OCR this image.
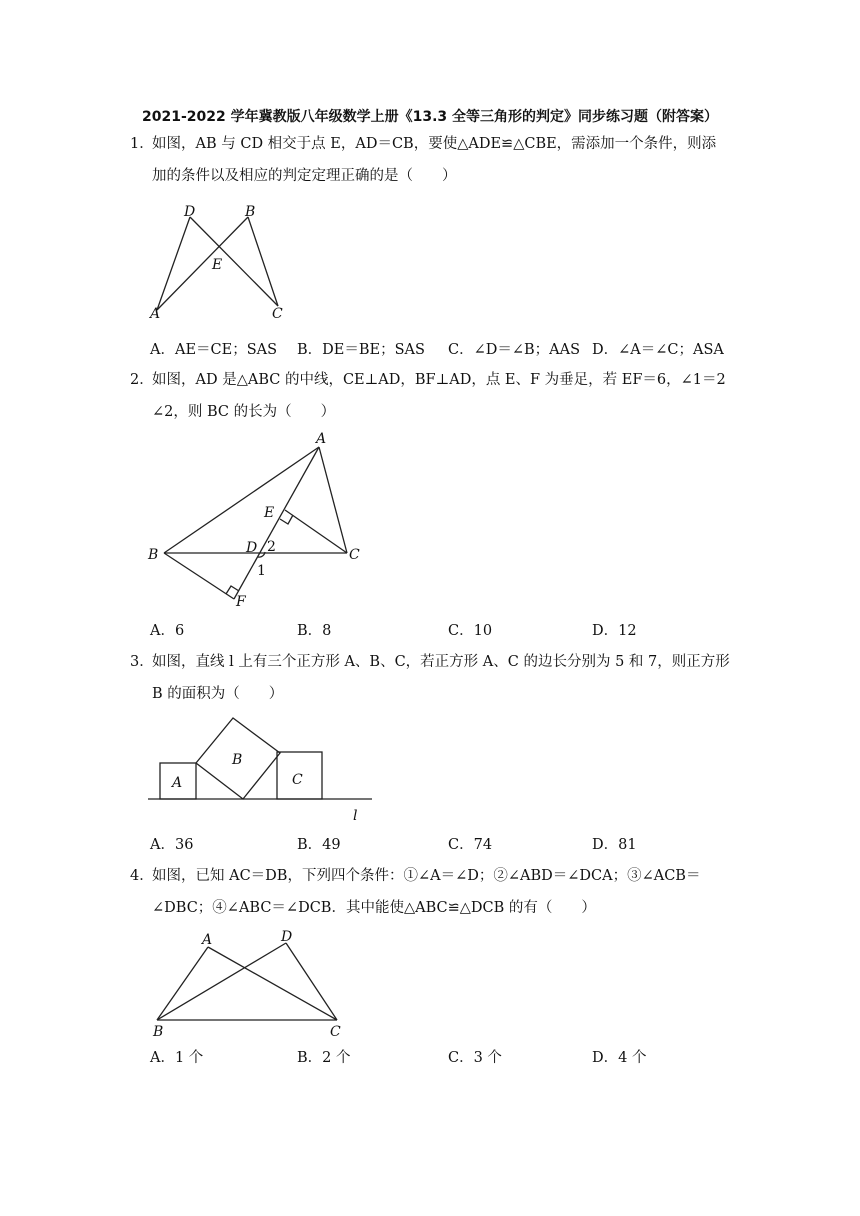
2021-2022 学年冀教版八年级数学上册《13.3 全等三角形的判定》同步练习题（附答案）
1．
如图，AB 与 CD 相交于点 E，AD＝CB，要使△ADE≌△CBE，需添加一个条件，则添
加的条件以及相应的判定定理正确的是（　　）
D	B
E
A	C
A．AE＝CE；SAS B．DE＝BE；SAS C．∠D＝∠B；AAS D．∠A＝∠C；ASA
2．
如图，AD 是△ABC 的中线，CE⊥AD，BF⊥AD，点 E、F 为垂足，若 EF＝6，∠1＝2
∠2，则 BC 的长为（　　）
A
E
B	D 2	C
1
F
A．6	B．8	C．10	D．12
3．
如图，直线 l 上有三个正方形 A、B、C，若正方形 A、C 的边长分别为 5 和 7，则正方形
B 的面积为（　　）
A
B
C
l
A．36	B．49	C．74	D．81
4．
如图，已知 AC＝DB，下列四个条件：①∠A＝∠D；②∠ABD＝∠DCA；③∠ACB＝
∠DBC；④∠ABC＝∠DCB．其中能使△ABC≌△DCB 的有（　　）
A	D
B	C
A．1 个	B．2 个	C．3 个	D．4 个
